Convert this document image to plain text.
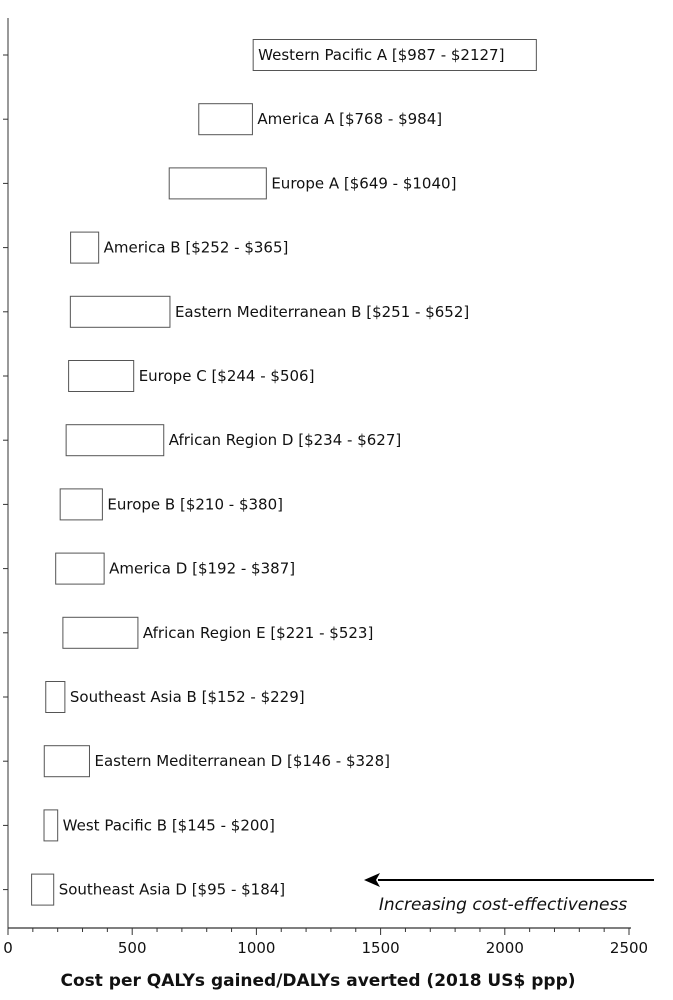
Western Pacific A [$987 - $2127]
America A [$768 - $984]
Europe A [$649 - $1040]
America B [$252 - $365]
Eastern Mediterranean B [$251 - $652]
Europe C [$244 - $506]
African Region D [$234 - $627]
Europe B [$210 - $380]
America D [$192 - $387]
African Region E [$221 - $523]
Southeast Asia B [$152 - $229]
Eastern Mediterranean D [$146 - $328]
West Pacific B [$145 - $200]
Southeast Asia D [$95 - $184]
0	500	1000	1500	2000	2500
Increasing cost-effectiveness
Cost per QALYs gained/DALYs averted (2018 US$ ppp)
